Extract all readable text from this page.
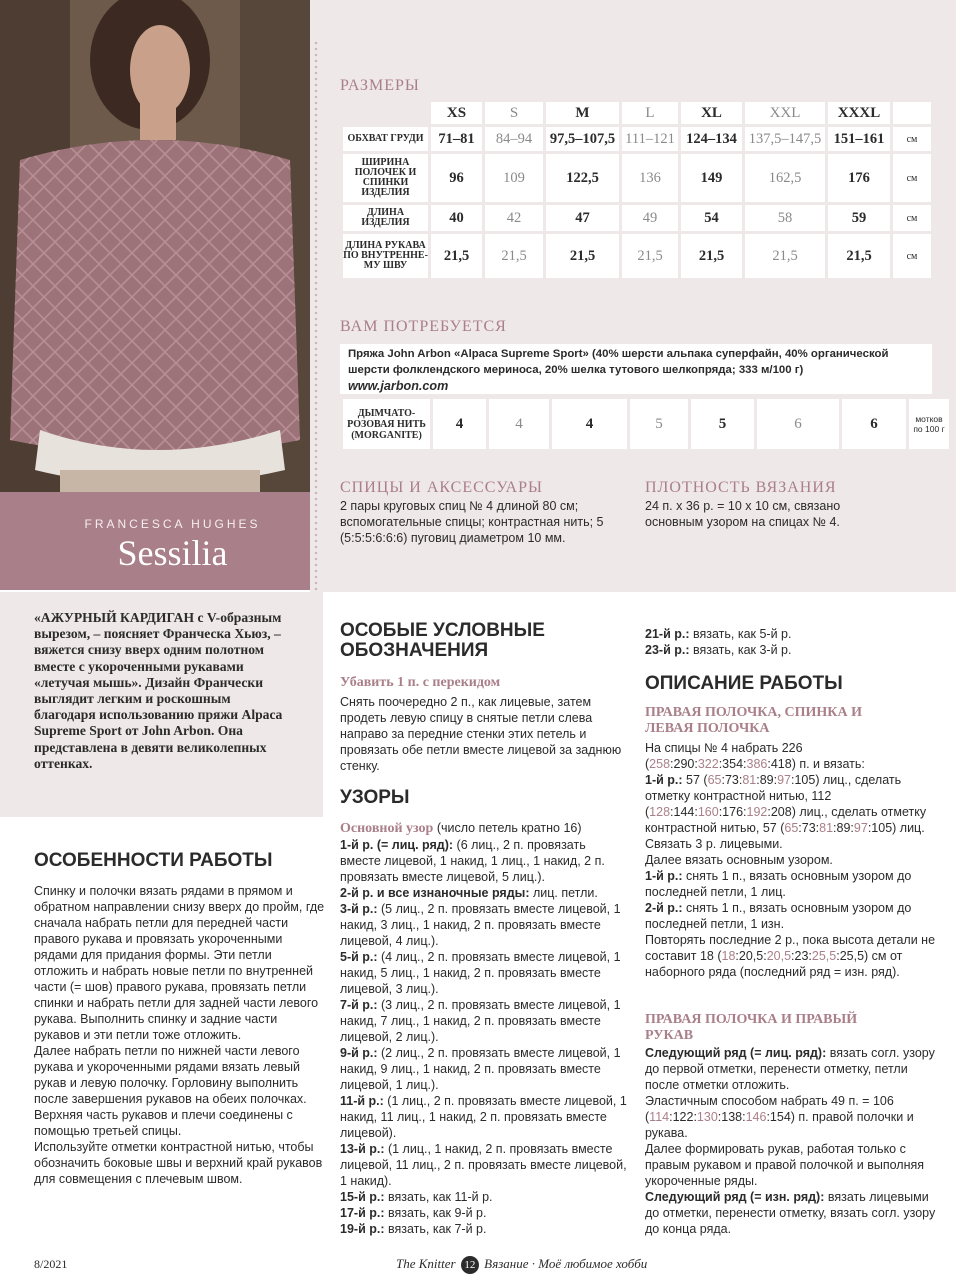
FRANCESCA HUGHES
Sessilia
РАЗМЕРЫ
	XS	S	M	L	XL	XXL	XXXL	
ОБХВАТ ГРУДИ	71–81	84–94	97,5–107,5	111–121	124–134	137,5–147,5	151–161	см
ШИРИНА ПОЛОЧЕК И СПИНКИ ИЗДЕЛИЯ	96	109	122,5	136	149	162,5	176	см
ДЛИНА ИЗДЕЛИЯ	40	42	47	49	54	58	59	см
ДЛИНА РУКАВА ПО ВНУТРЕННЕ-МУ ШВУ	21,5	21,5	21,5	21,5	21,5	21,5	21,5	см
ВАМ ПОТРЕБУЕТСЯ
Пряжа John Arbon «Alpaca Supreme Sport» (40% шерсти альпака суперфайн, 40% органической
шерсти фолклендского мериноса, 20% шелка тутового шелкопряда; 333 м/100 г)
www.jarbon.com
ДЫМЧАТО-РОЗОВАЯ НИТЬ (MORGANITE)	4	4	4	5	5	6	6	мотков по 100 г
СПИЦЫ И АКСЕССУАРЫ
2 пары круговых спиц № 4 длиной 80 см; вспомогательные спицы; контрастная нить; 5 (5:5:5:6:6:6) пуговиц диаметром 10 мм.
ПЛОТНОСТЬ ВЯЗАНИЯ
24 п. х 36 р. = 10 х 10 см, связано основным узором на спицах № 4.
«АЖУРНЫЙ КАРДИГАН с V-образным вырезом, – поясняет Франческа Хьюз, – вяжется снизу вверх одним полотном вместе с укороченными рукавами «летучая мышь». Дизайн Франчески выглядит легким и роскошным благодаря использованию пряжи Alpaca Supreme Sport от John Arbon. Она представлена в девяти великолепных оттенках.
ОСОБЕННОСТИ РАБОТЫ
Спинку и полочки вязать рядами в прямом и обратном направлении снизу вверх до пройм, где сначала набрать петли для передней части правого рукава и провязать укороченными рядами для придания формы. Эти петли отложить и набрать новые петли по внутренней части (= шов) правого рукава, провязать петли спинки и набрать петли для задней части левого рукава. Выполнить спинку и задние части рукавов и эти петли тоже отложить.
Далее набрать петли по нижней части левого рукава и укороченными рядами вязать левый рукав и левую полочку. Горловину выполнить после завершения рукавов на обеих полочках.
Верхняя часть рукавов и плечи соединены с помощью третьей спицы.
Используйте отметки контрастной нитью, чтобы обозначить боковые швы и верхний край рукавов для совмещения с плечевым швом.
ОСОБЫЕ УСЛОВНЫЕ ОБОЗНАЧЕНИЯ
Убавить 1 п. с перекидом
Снять поочередно 2 п., как лицевые, затем продеть левую спицу в снятые петли слева направо за передние стенки этих петель и провязать обе петли вместе лицевой за заднюю стенку.
УЗОРЫ
Основной узор (число петель кратно 16)
1-й р. (= лиц. ряд): (6 лиц., 2 п. провязать вместе лицевой, 1 накид, 1 лиц., 1 накид, 2 п. провязать вместе лицевой, 5 лиц.).
2-й р. и все изнаночные ряды: лиц. петли.
3-й р.: (5 лиц., 2 п. провязать вместе лицевой, 1 накид, 3 лиц., 1 накид, 2 п. провязать вместе лицевой, 4 лиц.).
5-й р.: (4 лиц., 2 п. провязать вместе лицевой, 1 накид, 5 лиц., 1 накид, 2 п. провязать вместе лицевой, 3 лиц.).
7-й р.: (3 лиц., 2 п. провязать вместе лицевой, 1 накид, 7 лиц., 1 накид, 2 п. провязать вместе лицевой, 2 лиц.).
9-й р.: (2 лиц., 2 п. провязать вместе лицевой, 1 накид, 9 лиц., 1 накид, 2 п. провязать вместе лицевой, 1 лиц.).
11-й р.: (1 лиц., 2 п. провязать вместе лицевой, 1 накид, 11 лиц., 1 накид, 2 п. провязать вместе лицевой).
13-й р.: (1 лиц., 1 накид, 2 п. провязать вместе лицевой, 11 лиц., 2 п. провязать вместе лицевой, 1 накид).
15-й р.: вязать, как 11-й р.
17-й р.: вязать, как 9-й р.
19-й р.: вязать, как 7-й р.
21-й р.: вязать, как 5-й р.
23-й р.: вязать, как 3-й р.
ОПИСАНИЕ РАБОТЫ
ПРАВАЯ ПОЛОЧКА, СПИНКА И ЛЕВАЯ ПОЛОЧКА
На спицы № 4 набрать 226 (258:290:322:354:386:418) п. и вязать:
1-й р.: 57 (65:73:81:89:97:105) лиц., сделать отметку контрастной нитью, 112 (128:144:160:176:192:208) лиц., сделать отметку контрастной нитью, 57 (65:73:81:89:97:105) лиц.
Связать 3 р. лицевыми.
Далее вязать основным узором.
1-й р.: снять 1 п., вязать основным узором до последней петли, 1 лиц.
2-й р.: снять 1 п., вязать основным узором до последней петли, 1 изн.
Повторять последние 2 р., пока высота детали не составит 18 (18:20,5:20,5:23:25,5:25,5) см от наборного ряда (последний ряд = изн. ряд).
ПРАВАЯ ПОЛОЧКА И ПРАВЫЙ РУКАВ
Следующий ряд (= лиц. ряд): вязать согл. узору до первой отметки, перенести отметку, петли после отметки отложить.
Эластичным способом набрать 49 п. = 106 (114:122:130:138:146:154) п. правой полочки и рукава.
Далее формировать рукав, работая только с правым рукавом и правой полочкой и выполняя укороченные ряды.
Следующий ряд (= изн. ряд): вязать лицевыми до отметки, перенести отметку, вязать согл. узору до конца ряда.
8/2021	The Knitter 12 Вязание · Моё любимое хобби
